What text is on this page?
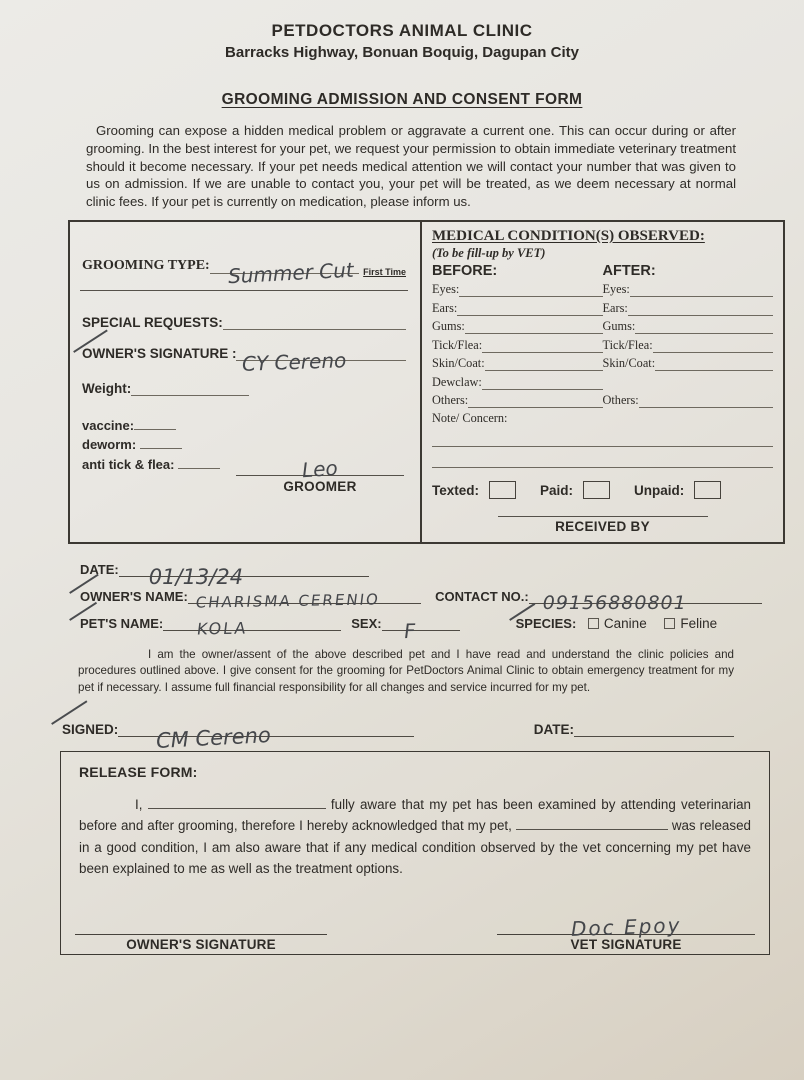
PETDOCTORS ANIMAL CLINIC
Barracks Highway, Bonuan Boquig, Dagupan City
GROOMING ADMISSION AND CONSENT FORM

Grooming can expose a hidden medical problem or aggravate a current one. This can occur during or after grooming. In the best interest for your pet, we request your permission to obtain immediate veterinary treatment should it become necessary. If your pet needs medical attention we will contact your number that was given to us on admission. If we are unable to contact you, your pet will be treated, as we deem necessary at normal clinic fees. If your pet is currently on medication, please inform us.

GROOMING TYPE: Summer Cut	First Time
SPECIAL REQUESTS:
OWNER'S SIGNATURE : CY Cereno
Weight:
vaccine:
deworm:
anti tick & flea:	Leo
GROOMER
MEDICAL CONDITION(S) OBSERVED:
(To be fill-up by VET)
BEFORE:	AFTER:
Eyes:	Eyes:
Ears:	Ears:
Gums:	Gums:
Tick/Flea:	Tick/Flea:
Skin/Coat:	Skin/Coat:
Dewclaw:
Others:	Others:
Note/ Concern:
Texted:	Paid:	Unpaid:
RECEIVED BY
DATE:	01/13/24
OWNER'S NAME: CHARISMA CERENIO	CONTACT NO.: 09156880801
PET'S NAME:	KOLA	SEX:	F	SPECIES: Canine Feline

I am the owner/assent of the above described pet and I have read and understand the clinic policies and procedures outlined above. I give consent for the grooming for PetDoctors Animal Clinic to obtain emergency treatment for my pet if necessary. I assume full financial responsibility for all changes and service incurred for my pet.

SIGNED:	CM Cereno	DATE:
RELEASE FORM:

I,	fully aware that my pet has been examined by attending veterinarian before and after grooming, therefore I hereby acknowledged that my pet,	was released in a good condition, I am also aware that if any medical condition observed by the vet concerning my pet have been explained to me as well as the treatment options.

OWNER'S SIGNATURE
Doc Epoy
VET SIGNATURE
